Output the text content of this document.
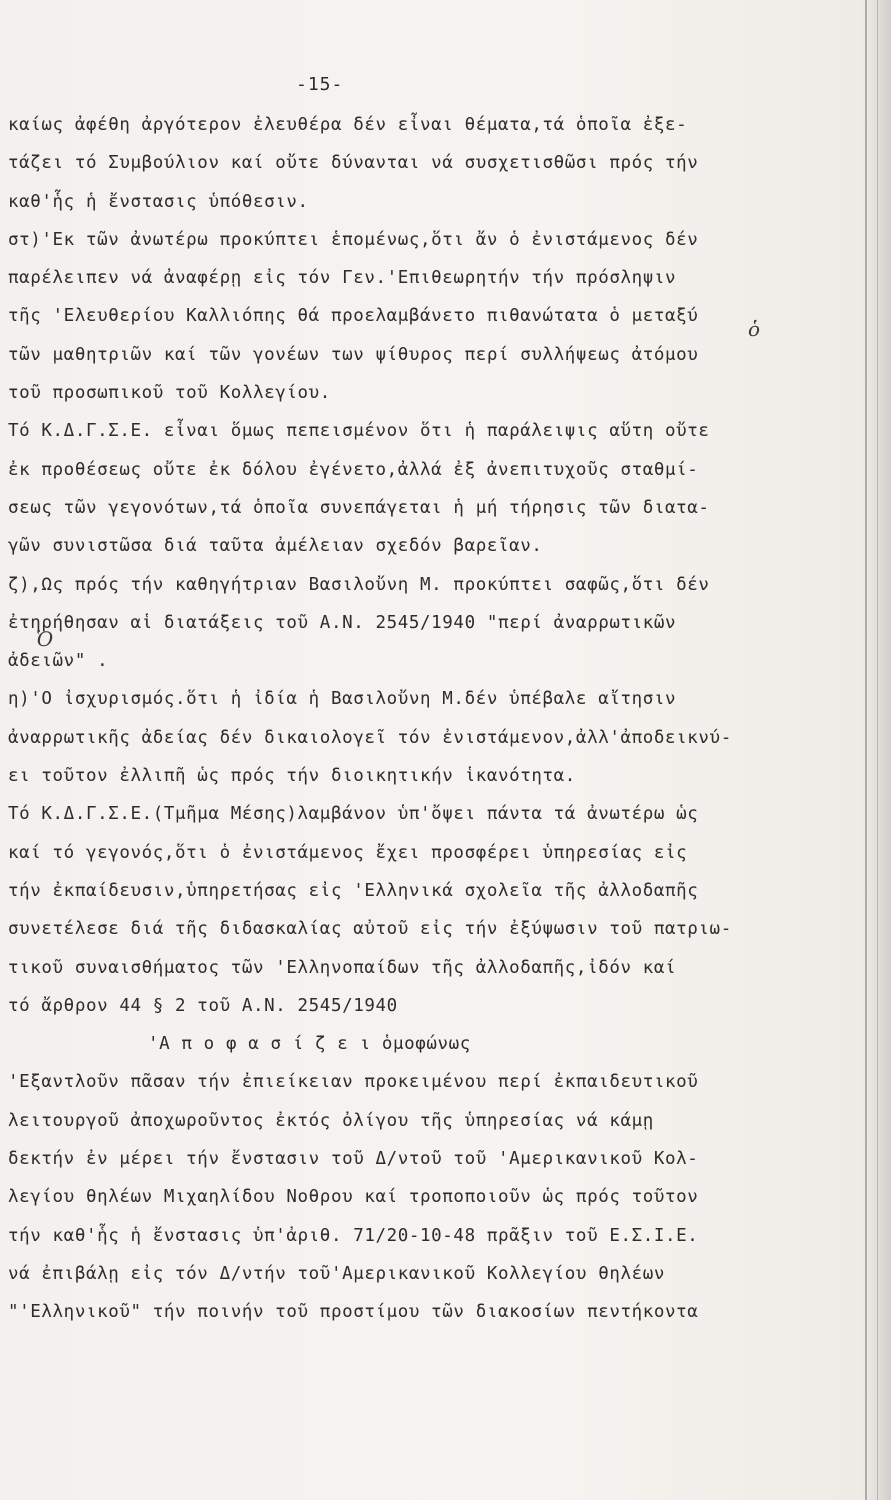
-15-
καίως ἀφέθη ἀργότερον ἐλευθέρα δέν εἶναι θέματα,τά ὁποῖα ἐξε-
τάζει τό Συμβούλιον καί οὔτε δύνανται νά συσχετισθῶσι πρός τήν
καθ'ἧς ἡ ἔνστασις ὑπόθεσιν.
στ)'Εκ τῶν ἀνωτέρω προκύπτει ἑπομένως,ὅτι ἄν ὁ ἐνιστάμενος δέν
παρέλειπεν νά ἀναφέρῃ εἰς τόν Γεν.'Επιθεωρητήν τήν πρόσληψιν
τῆς 'Ελευθερίου Καλλιόπης θά προελαμβάνετο πιθανώτατα ὁ μεταξύ
τῶν μαθητριῶν καί τῶν γονέων των ψίθυρος περί συλλήψεως ἀτόμου
τοῦ προσωπικοῦ τοῦ Κολλεγίου.
Τό Κ.Δ.Γ.Σ.Ε. εἶναι ὅμως πεπεισμένον ὅτι ἡ παράλειψις αὕτη οὔτε
ἐκ προθέσεως οὔτε ἐκ δόλου ἐγένετο,ἀλλά ἐξ ἀνεπιτυχοῦς σταθμί-
σεως τῶν γεγονότων,τά ὁποῖα συνεπάγεται ἡ μή τήρησις τῶν διατα-
γῶν συνιστῶσα διά ταῦτα ἀμέλειαν σχεδόν βαρεῖαν.
ζ),Ως πρός τήν καθηγήτριαν Βασιλοὔνη Μ. προκύπτει σαφῶς,ὅτι δέν
ἐτηρήθησαν αἱ διατάξεις τοῦ Α.Ν. 2545/1940 "περί ἀναρρωτικῶν
ἀδειῶν" .
η)'Ο ἰσχυρισμός.ὅτι ἡ ἰδία ἡ Βασιλοὔνη Μ.δέν ὑπέβαλε αἴτησιν
ἀναρρωτικῆς ἀδείας δέν δικαιολογεῖ τόν ἐνιστάμενον,ἀλλ'ἀποδεικνύ-
ει τοῦτον ἐλλιπῆ ὡς πρός τήν διοικητικήν ἱκανότητα.
Τό Κ.Δ.Γ.Σ.Ε.(Τμῆμα Μέσης)λαμβάνον ὑπ'ὄψει πάντα τά ἀνωτέρω ὡς
καί τό γεγονός,ὅτι ὁ ἐνιστάμενος ἔχει προσφέρει ὑπηρεσίας εἰς
τήν ἐκπαίδευσιν,ὑπηρετήσας εἰς 'Ελληνικά σχολεῖα τῆς ἀλλοδαπῆς
συνετέλεσε διά τῆς διδασκαλίας αὐτοῦ εἰς τήν ἐξύψωσιν τοῦ πατριω-
τικοῦ συναισθήματος τῶν 'Ελληνοπαίδων τῆς ἀλλοδαπῆς,ἰδόν καί
τό ἄρθρον 44 § 2 τοῦ Α.Ν. 2545/1940
'Α π ο φ α σ ί ζ ε ι ὁμοφώνως
'Εξαντλοῦν πᾶσαν τήν ἐπιείκειαν προκειμένου περί ἐκπαιδευτικοῦ
λειτουργοῦ ἀποχωροῦντος ἐκτός ὀλίγου τῆς ὑπηρεσίας νά κάμῃ
δεκτήν ἐν μέρει τήν ἔνστασιν τοῦ Δ/ντοῦ τοῦ 'Αμερικανικοῦ Κολ-
λεγίου θηλέων Μιχαηλίδου Νοθρου καί τροποποιοῦν ὡς πρός τοῦτον
τήν καθ'ἧς ἡ ἔνστασις ὑπ'ἀριθ. 71/20-10-48 πρᾶξιν τοῦ Ε.Σ.Ι.Ε.
νά ἐπιβάλῃ εἰς τόν Δ/ντήν τοῦ'Αμερικανικοῦ Κολλεγίου θηλέων
"'Ελληνικοῦ" τήν ποινήν τοῦ προστίμου τῶν διακοσίων πεντήκοντα
ὁ
Ὁ
